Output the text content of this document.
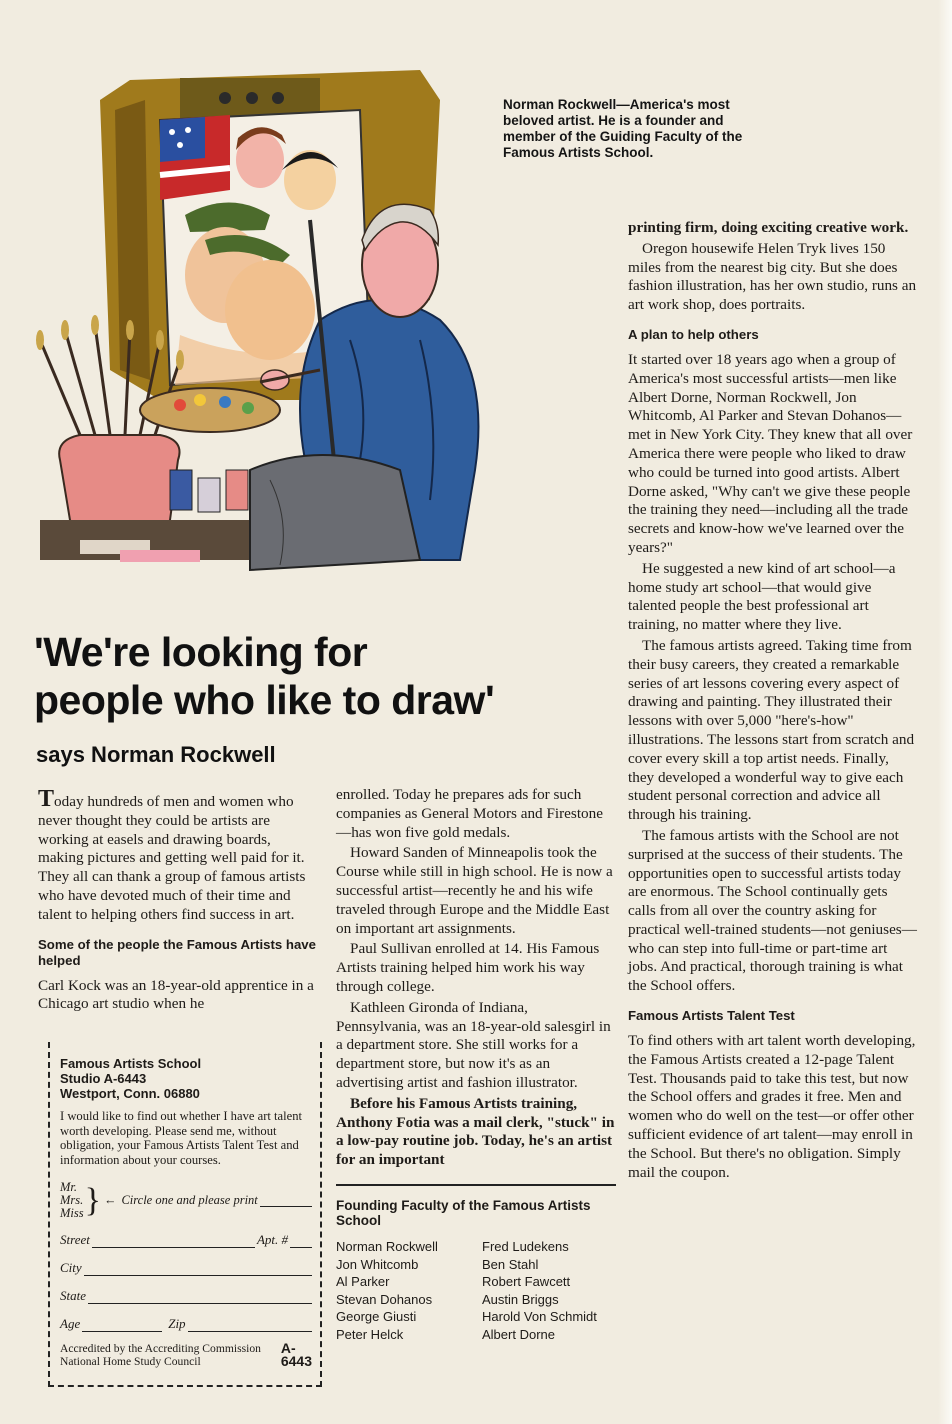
Norman Rockwell—America's most beloved artist. He is a founder and member of the Guiding Faculty of the Famous Artists School.
'We're looking for
people who like to draw'
says Norman Rockwell

Today hundreds of men and women who never thought they could be artists are working at easels and drawing boards, making pictures and getting well paid for it. They all can thank a group of famous artists who have devoted much of their time and talent to helping others find success in art.

Some of the people the Famous Artists have helped

Carl Kock was an 18-year-old apprentice in a Chicago art studio when he

Famous Artists School
Studio A-6443
Westport, Conn. 06880
I would like to find out whether I have art talent worth developing. Please send me, without obligation, your Famous Artists Talent Test and information about your courses.
Mr.
Mrs.
Miss } ← Circle one and please print
Street	Apt. #
City
State
Age	Zip
Accredited by the Accrediting Commission National Home Study Council
A-6443

enrolled. Today he prepares ads for such companies as General Motors and Firestone—has won five gold medals.

Howard Sanden of Minneapolis took the Course while still in high school. He is now a successful artist—recently he and his wife traveled through Europe and the Middle East on important art assignments.

Paul Sullivan enrolled at 14. His Famous Artists training helped him work his way through college.

Kathleen Gironda of Indiana, Pennsylvania, was an 18-year-old salesgirl in a department store. She still works for a department store, but now it's as an advertising artist and fashion illustrator.

Before his Famous Artists training, Anthony Fotia was a mail clerk, "stuck" in a low-pay routine job. Today, he's an artist for an important

Founding Faculty of the Famous Artists School
Norman Rockwell	Fred Ludekens
Jon Whitcomb	Ben Stahl
Al Parker	Robert Fawcett
Stevan Dohanos	Austin Briggs
George Giusti	Harold Von Schmidt
Peter Helck	Albert Dorne

printing firm, doing exciting creative work.

Oregon housewife Helen Tryk lives 150 miles from the nearest big city. But she does fashion illustration, has her own studio, runs an art work shop, does portraits.

A plan to help others

It started over 18 years ago when a group of America's most successful artists—men like Albert Dorne, Norman Rockwell, Jon Whitcomb, Al Parker and Stevan Dohanos—met in New York City. They knew that all over America there were people who liked to draw who could be turned into good artists. Albert Dorne asked, "Why can't we give these people the training they need—including all the trade secrets and know-how we've learned over the years?"

He suggested a new kind of art school—a home study art school—that would give talented people the best professional art training, no matter where they live.

The famous artists agreed. Taking time from their busy careers, they created a remarkable series of art lessons covering every aspect of drawing and painting. They illustrated their lessons with over 5,000 "here's-how" illustrations. The lessons start from scratch and cover every skill a top artist needs. Finally, they developed a wonderful way to give each student personal correction and advice all through his training.

The famous artists with the School are not surprised at the success of their students. The opportunities open to successful artists today are enormous. The School continually gets calls from all over the country asking for practical well-trained students—not geniuses—who can step into full-time or part-time art jobs. And practical, thorough training is what the School offers.

Famous Artists Talent Test

To find others with art talent worth developing, the Famous Artists created a 12-page Talent Test. Thousands paid to take this test, but now the School offers and grades it free. Men and women who do well on the test—or offer other sufficient evidence of art talent—may enroll in the School. But there's no obligation. Simply mail the coupon.
